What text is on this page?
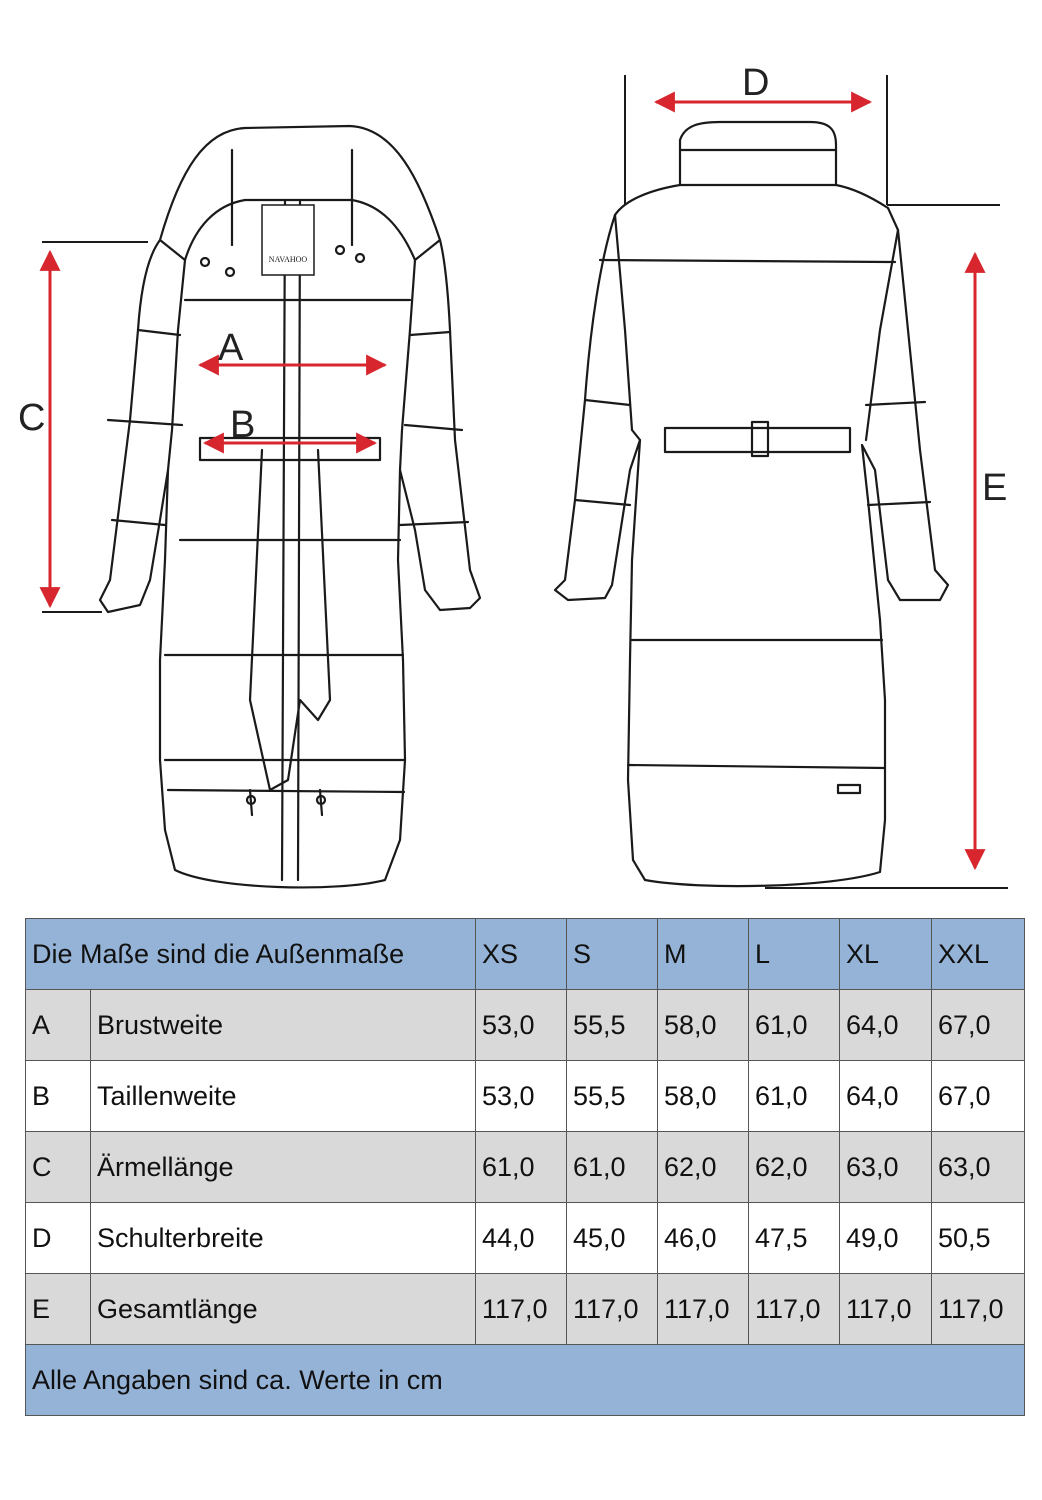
NAVAHOO
A
B
C
D
E
Die Maße sind die Außenmaße		XS	S	M	L	XL	XXL
A	Brustweite	53,0	55,5	58,0	61,0	64,0	67,0
B	Taillenweite	53,0	55,5	58,0	61,0	64,0	67,0
C	Ärmellänge	61,0	61,0	62,0	62,0	63,0	63,0
D	Schulterbreite	44,0	45,0	46,0	47,5	49,0	50,5
E	Gesamtlänge	117,0	117,0	117,0	117,0	117,0	117,0
Alle Angaben sind ca. Werte in cm							
